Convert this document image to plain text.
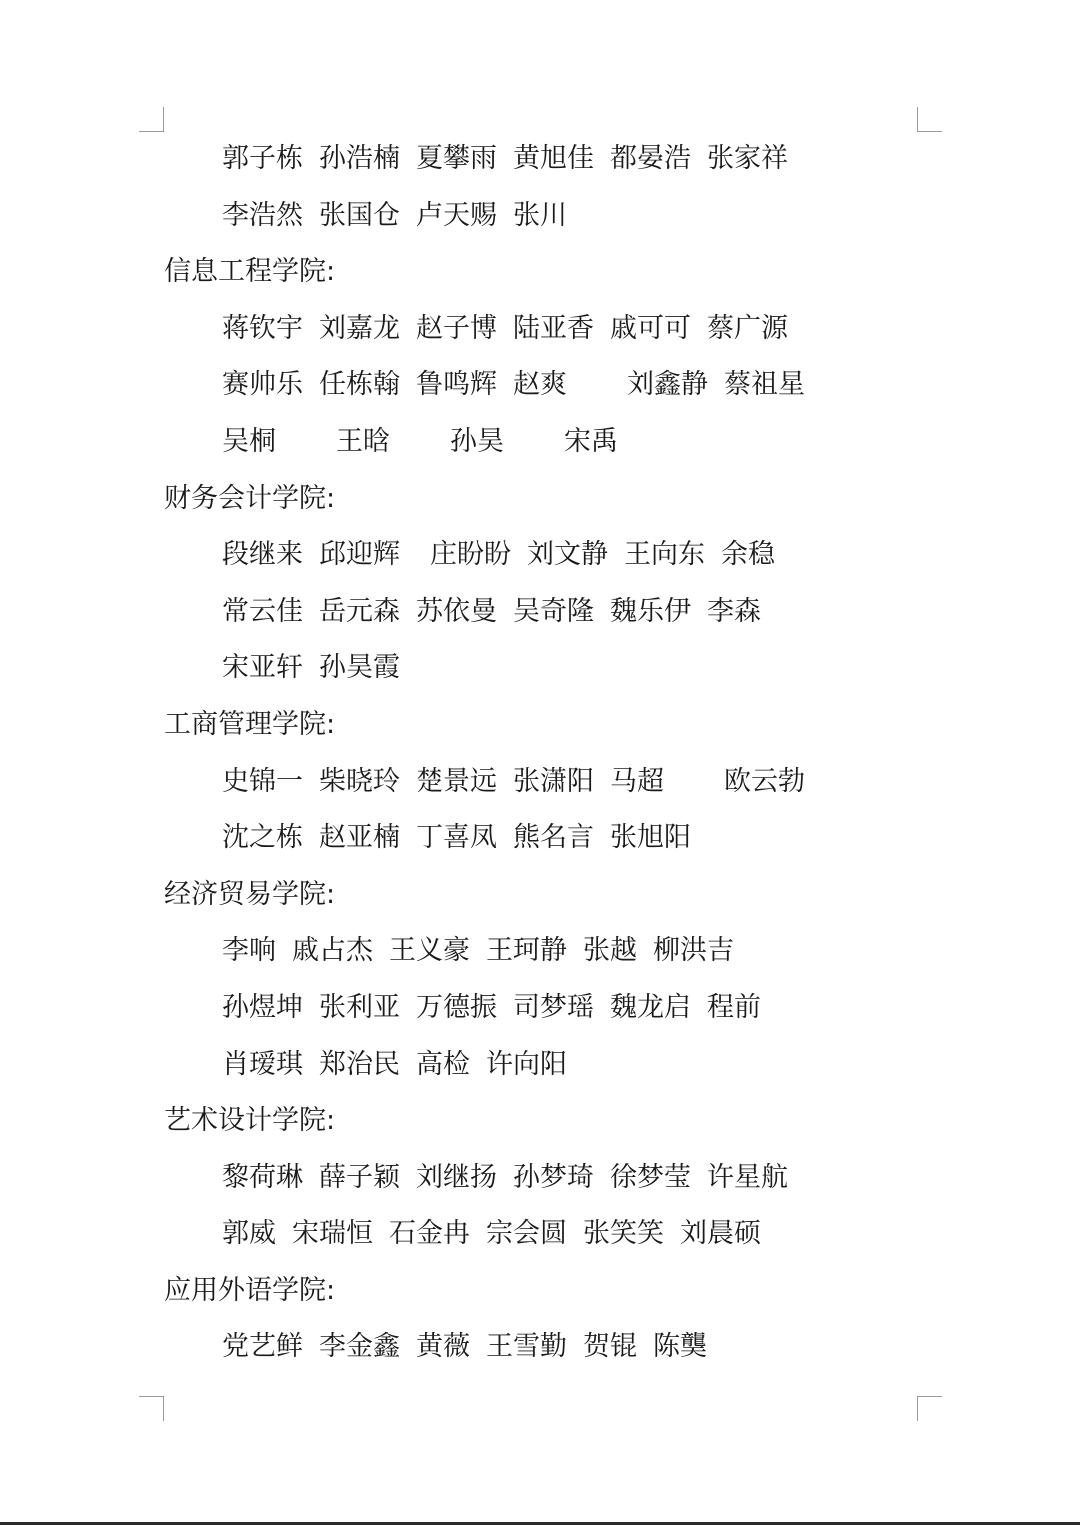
郭子栋 孙浩楠 夏攀雨 黄旭佳 都晏浩 张家祥
李浩然 张国仓 卢天赐 张川
信息工程学院:
蒋钦宇 刘嘉龙 赵子博 陆亚香 戚可可 蔡广源
赛帅乐 任栋翰 鲁鸣辉 赵爽 刘鑫静 蔡祖星
吴桐 王晗 孙昊 宋禹
财务会计学院:
段继来 邱迎辉 庄盼盼 刘文静 王向东 余稳
常云佳 岳元森 苏依曼 吴奇隆 魏乐伊 李森
宋亚轩 孙昊霞
工商管理学院:
史锦一 柴晓玲 楚景远 张潇阳 马超 欧云勃
沈之栋 赵亚楠 丁喜凤 熊名言 张旭阳
经济贸易学院:
李响 戚占杰 王义豪 王珂静 张越 柳洪吉
孙煜坤 张利亚 万德振 司梦瑶 魏龙启 程前
肖瑷琪 郑治民 高检 许向阳
艺术设计学院:
黎荷琳 薛子颖 刘继扬 孙梦琦 徐梦莹 许星航
郭威 宋瑞恒 石金冉 宗会圆 张笑笑 刘晨硕
应用外语学院:
党艺鲜 李金鑫 黄薇 王雪勤 贺锟 陈龑
